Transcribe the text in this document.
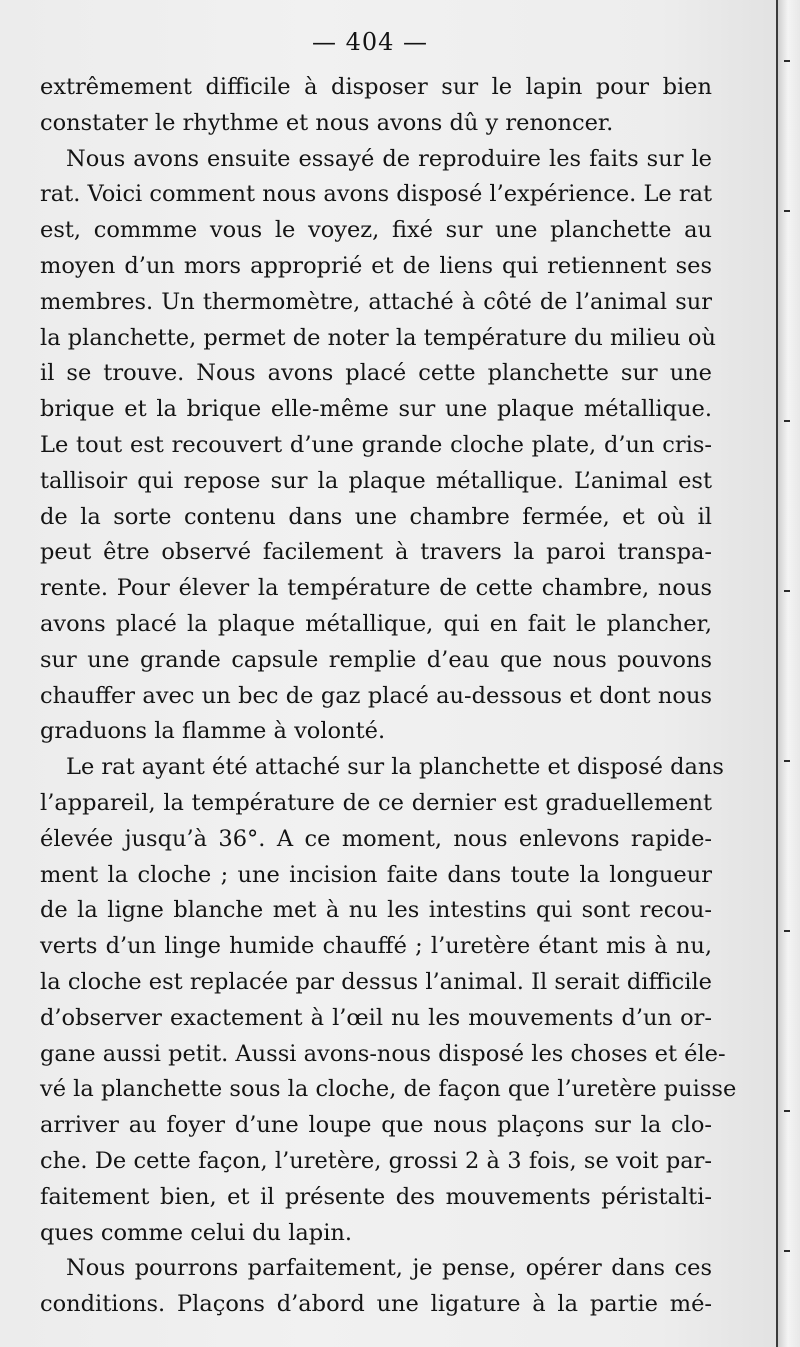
— 404 —
extrêmement difficile à disposer sur le lapin pour bien
constater le rhythme et nous avons dû y renoncer.
Nous avons ensuite essayé de reproduire les faits sur le
rat. Voici comment nous avons disposé l’expérience. Le rat
est, commme vous le voyez, fixé sur une planchette au
moyen d’un mors approprié et de liens qui retiennent ses
membres. Un thermomètre, attaché à côté de l’animal sur
la planchette, permet de noter la température du milieu où
il se trouve. Nous avons placé cette planchette sur une
brique et la brique elle-même sur une plaque métallique.
Le tout est recouvert d’une grande cloche plate, d’un cris-
tallisoir qui repose sur la plaque métallique. L’animal est
de la sorte contenu dans une chambre fermée, et où il
peut être observé facilement à travers la paroi transpa-
rente. Pour élever la température de cette chambre, nous
avons placé la plaque métallique, qui en fait le plancher,
sur une grande capsule remplie d’eau que nous pouvons
chauffer avec un bec de gaz placé au-dessous et dont nous
graduons la flamme à volonté.
Le rat ayant été attaché sur la planchette et disposé dans
l’appareil, la température de ce dernier est graduellement
élevée jusqu’à 36°. A ce moment, nous enlevons rapide-
ment la cloche ; une incision faite dans toute la longueur
de la ligne blanche met à nu les intestins qui sont recou-
verts d’un linge humide chauffé ; l’uretère étant mis à nu,
la cloche est replacée par dessus l’animal. Il serait difficile
d’observer exactement à l’œil nu les mouvements d’un or-
gane aussi petit. Aussi avons-nous disposé les choses et éle-
vé la planchette sous la cloche, de façon que l’uretère puisse
arriver au foyer d’une loupe que nous plaçons sur la clo-
che. De cette façon, l’uretère, grossi 2 à 3 fois, se voit par-
faitement bien, et il présente des mouvements péristalti-
ques comme celui du lapin.
Nous pourrons parfaitement, je pense, opérer dans ces
conditions. Plaçons d’abord une ligature à la partie mé-
